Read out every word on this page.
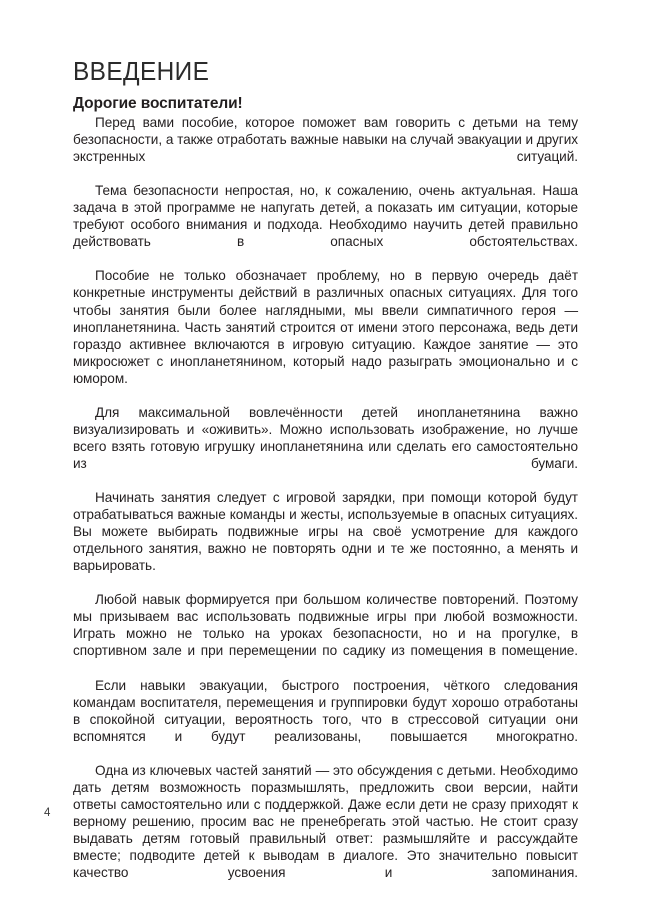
ВВЕДЕНИЕ
Дорогие воспитатели!

Перед вами пособие, которое поможет вам говорить с детьми на тему безопасности, а также отработать важные навыки на случай эвакуации и других экстренных ситуаций.

Тема безопасности непростая, но, к сожалению, очень актуальная. Наша задача в этой программе не напугать детей, а показать им ситуации, которые требуют особого внимания и подхода. Необходимо научить детей правильно действовать в опасных обстоятельствах.

Пособие не только обозначает проблему, но в первую очередь даёт конкретные инструменты действий в различных опасных ситуациях. Для того чтобы занятия были более наглядными, мы ввели симпатичного героя — инопланетянина. Часть занятий строится от имени этого персонажа, ведь дети гораздо активнее включаются в игровую ситуацию. Каждое занятие — это микросюжет с инопланетянином, который надо разыграть эмоционально и с юмором.

Для максимальной вовлечённости детей инопланетянина важно визуализировать и «оживить». Можно использовать изображение, но лучше всего взять готовую игрушку инопланетянина или сделать его самостоятельно из бумаги.

Начинать занятия следует с игровой зарядки, при помощи которой будут отрабатываться важные команды и жесты, используемые в опасных ситуациях. Вы можете выбирать подвижные игры на своё усмотрение для каждого отдельного занятия, важно не повторять одни и те же постоянно, а менять и варьировать.

Любой навык формируется при большом количестве повторений. Поэтому мы призываем вас использовать подвижные игры при любой возможности. Играть можно не только на уроках безопасности, но и на прогулке, в спортивном зале и при перемещении по садику из помещения в помещение.

Если навыки эвакуации, быстрого построения, чёткого следования командам воспитателя, перемещения и группировки будут хорошо отработаны в спокойной ситуации, вероятность того, что в стрессовой ситуации они вспомнятся и будут реализованы, повышается многократно.

Одна из ключевых частей занятий — это обсуждения с детьми. Необходимо дать детям возможность поразмышлять, предложить свои версии, найти ответы самостоятельно или с поддержкой. Даже если дети не сразу приходят к верному решению, просим вас не пренебрегать этой частью. Не стоит сразу выдавать детям готовый правильный ответ: размышляйте и рассуждайте вместе; подводите детей к выводам в диалоге. Это значительно повысит качество усвоения и запоминания.

4
